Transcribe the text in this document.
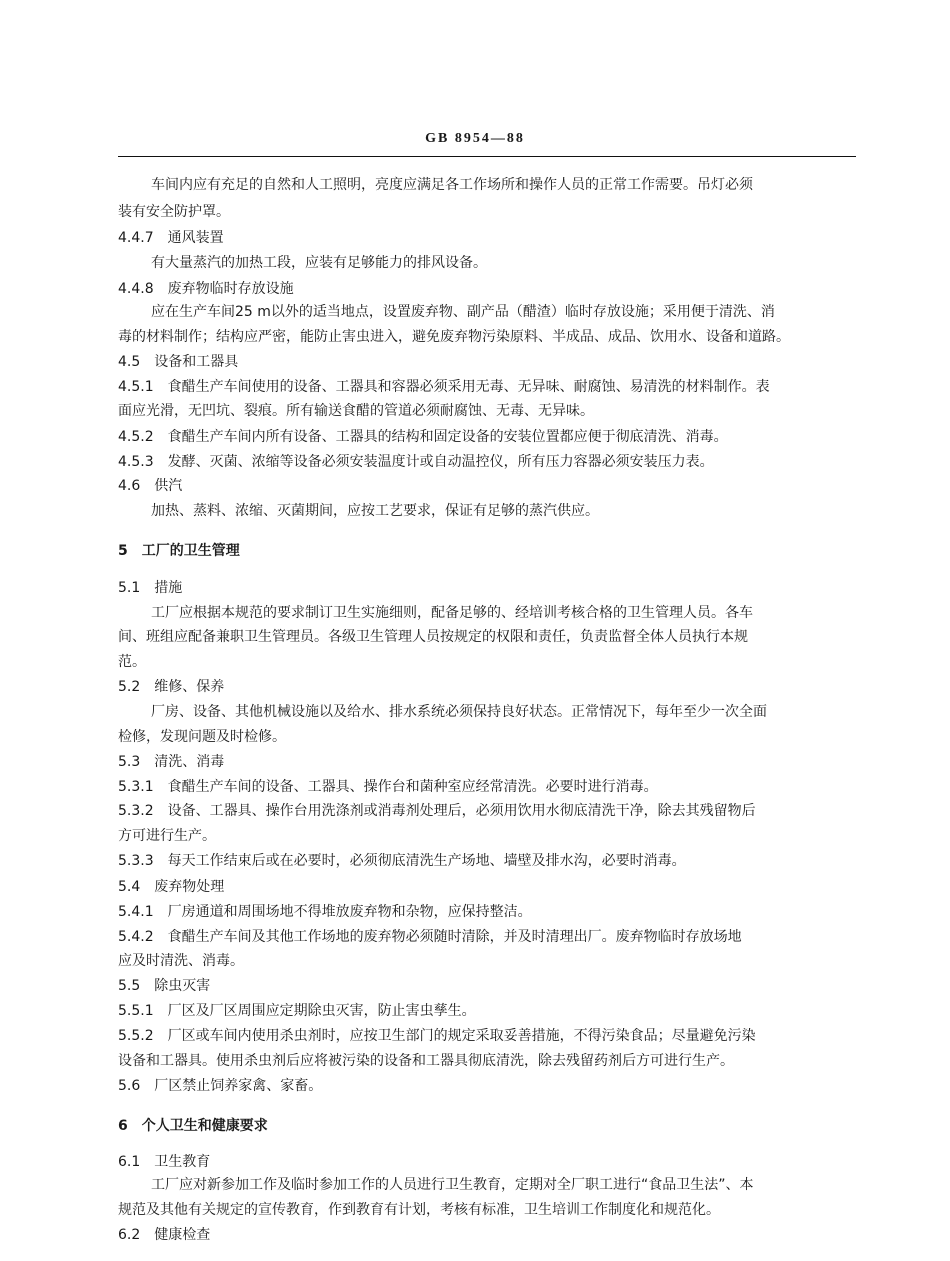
GB 8954—88
车间内应有充足的自然和人工照明，亮度应满足各工作场所和操作人员的正常工作需要。吊灯必须
装有安全防护罩。
4.4.7　通风装置
有大量蒸汽的加热工段，应装有足够能力的排风设备。
4.4.8　废弃物临时存放设施
应在生产车间25 m以外的适当地点，设置废弃物、副产品（醋渣）临时存放设施；采用便于清洗、消
毒的材料制作；结构应严密，能防止害虫进入，避免废弃物污染原料、半成品、成品、饮用水、设备和道路。
4.5　设备和工器具
4.5.1　食醋生产车间使用的设备、工器具和容器必须采用无毒、无异味、耐腐蚀、易清洗的材料制作。表
面应光滑，无凹坑、裂痕。所有输送食醋的管道必须耐腐蚀、无毒、无异味。
4.5.2　食醋生产车间内所有设备、工器具的结构和固定设备的安装位置都应便于彻底清洗、消毒。
4.5.3　发酵、灭菌、浓缩等设备必须安装温度计或自动温控仪，所有压力容器必须安装压力表。
4.6　供汽
加热、蒸料、浓缩、灭菌期间，应按工艺要求，保证有足够的蒸汽供应。
5　工厂的卫生管理
5.1　措施
工厂应根据本规范的要求制订卫生实施细则，配备足够的、经培训考核合格的卫生管理人员。各车
间、班组应配备兼职卫生管理员。各级卫生管理人员按规定的权限和责任，负责监督全体人员执行本规
范。
5.2　维修、保养
厂房、设备、其他机械设施以及给水、排水系统必须保持良好状态。正常情况下，每年至少一次全面
检修，发现问题及时检修。
5.3　清洗、消毒
5.3.1　食醋生产车间的设备、工器具、操作台和菌种室应经常清洗。必要时进行消毒。
5.3.2　设备、工器具、操作台用洗涤剂或消毒剂处理后，必须用饮用水彻底清洗干净，除去其残留物后
方可进行生产。
5.3.3　每天工作结束后或在必要时，必须彻底清洗生产场地、墙壁及排水沟，必要时消毒。
5.4　废弃物处理
5.4.1　厂房通道和周围场地不得堆放废弃物和杂物，应保持整洁。
5.4.2　食醋生产车间及其他工作场地的废弃物必须随时清除，并及时清理出厂。废弃物临时存放场地
应及时清洗、消毒。
5.5　除虫灭害
5.5.1　厂区及厂区周围应定期除虫灭害，防止害虫孳生。
5.5.2　厂区或车间内使用杀虫剂时，应按卫生部门的规定采取妥善措施，不得污染食品；尽量避免污染
设备和工器具。使用杀虫剂后应将被污染的设备和工器具彻底清洗，除去残留药剂后方可进行生产。
5.6　厂区禁止饲养家禽、家畜。
6　个人卫生和健康要求
6.1　卫生教育
工厂应对新参加工作及临时参加工作的人员进行卫生教育，定期对全厂职工进行“食品卫生法”、本
规范及其他有关规定的宣传教育，作到教育有计划，考核有标准，卫生培训工作制度化和规范化。
6.2　健康检查
